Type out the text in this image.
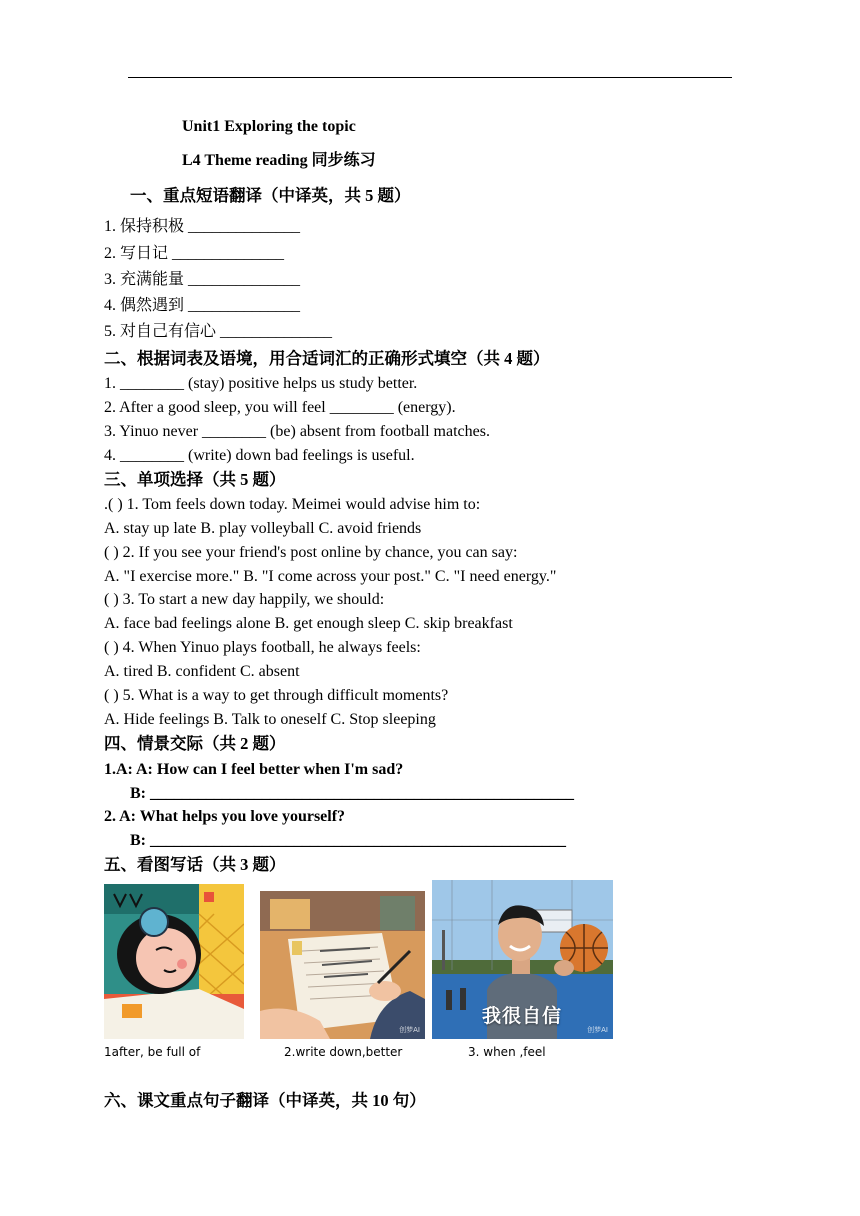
Unit1 Exploring the topic
L4 Theme reading 同步练习
一、重点短语翻译（中译英，共 5 题）
1. 保持积极 ______________
2. 写日记 ______________
3. 充满能量 ______________
4. 偶然遇到 ______________
5. 对自己有信心 ______________
二、根据词表及语境，用合适词汇的正确形式填空（共 4 题）
1. ________ (stay) positive helps us study better.
2. After a good sleep, you will feel ________ (energy).
3. Yinuo never ________ (be) absent from football matches.
4. ________ (write) down bad feelings is useful.
三、单项选择（共 5 题）
.( ) 1. Tom feels down today. Meimei would advise him to:
A. stay up late B. play volleyball C. avoid friends
( ) 2. If you see your friend's post online by chance, you can say:
A. "I exercise more." B. "I come across your post." C. "I need energy."
( ) 3. To start a new day happily, we should:
A. face bad feelings alone B. get enough sleep C. skip breakfast
( ) 4. When Yinuo plays football, he always feels:
A. tired B. confident C. absent
( ) 5. What is a way to get through difficult moments?
A. Hide feelings B. Talk to oneself C. Stop sleeping
四、情景交际（共 2 题）
1.A: A: How can I feel better when I'm sad?
B: _____________________________________________________
2. A: What helps you love yourself?
B: ____________________________________________________
五、看图写话（共 3 题）
创梦AI
我很自信
创梦AI
1after, be full of	2.write down,better	3. when ,feel
六、课文重点句子翻译（中译英，共 10 句）
